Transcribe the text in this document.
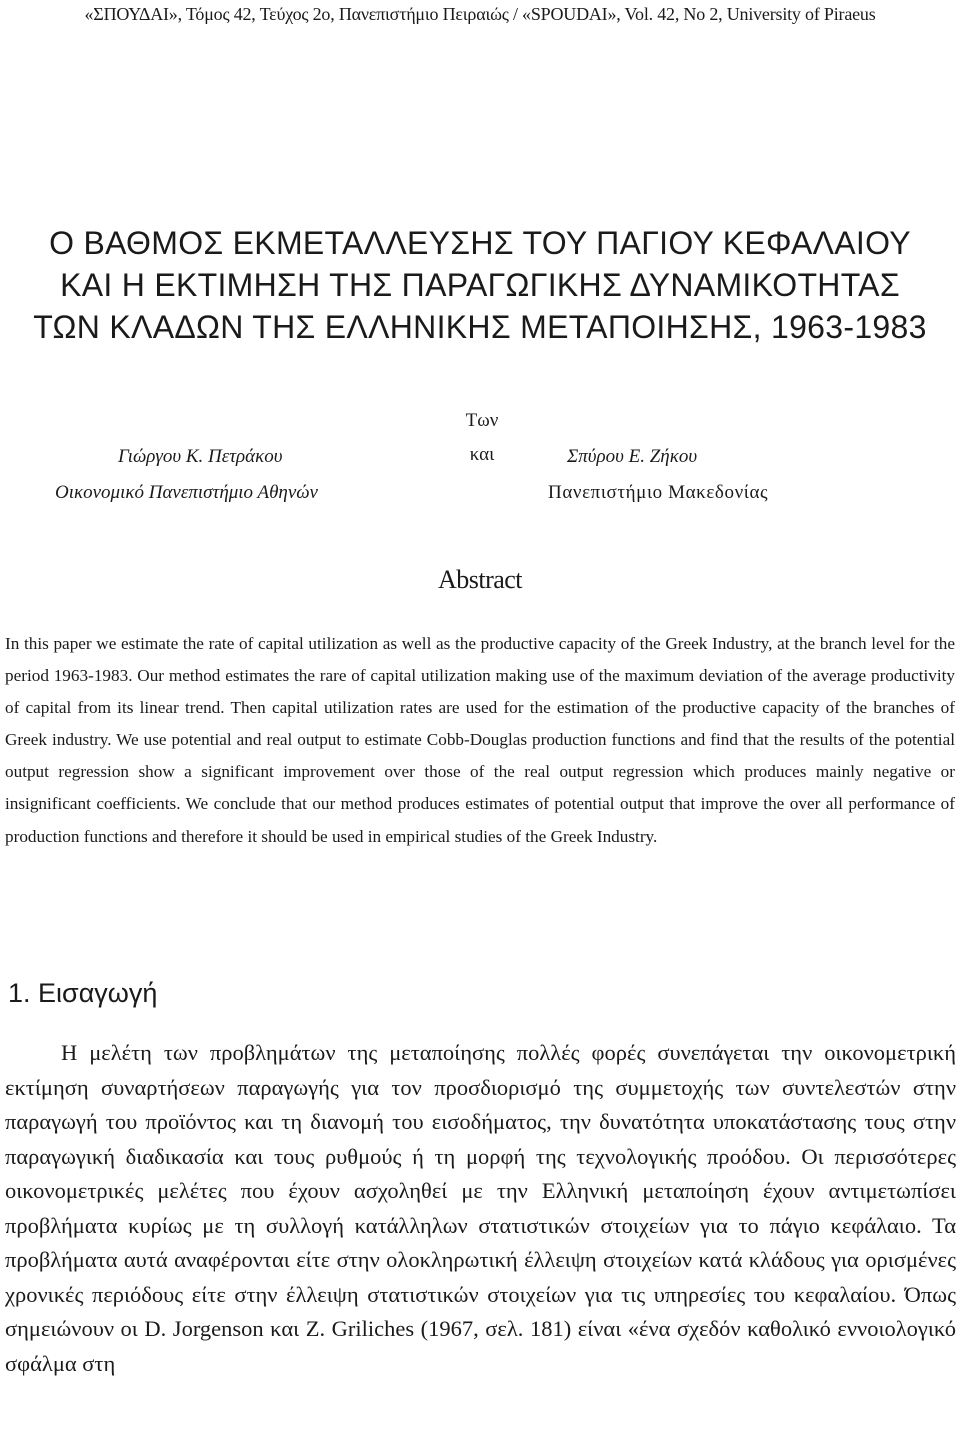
«ΣΠΟΥΔΑΙ», Τόμος 42, Τεύχος 2ο, Πανεπιστήμιο Πειραιώς / «SPOUDAI», Vol. 42, No 2, University of Piraeus
Ο ΒΑΘΜΟΣ ΕΚΜΕΤΑΛΛΕΥΣΗΣ ΤΟΥ ΠΑΓΙΟΥ ΚΕΦΑΛΑΙΟΥ
ΚΑΙ Η ΕΚΤΙΜΗΣΗ ΤΗΣ ΠΑΡΑΓΩΓΙΚΗΣ ΔΥΝΑΜΙΚΟΤΗΤΑΣ
ΤΩΝ ΚΛΑΔΩΝ ΤΗΣ ΕΛΛΗΝΙΚΗΣ ΜΕΤΑΠΟΙΗΣΗΣ, 1963-1983
Των
Γιώργου Κ. Πετράκου	και	Σπύρου Ε. Ζήκου
Οικονομικό Πανεπιστήμιο Αθηνών	Πανεπιστήμιο Μακεδονίας
Abstract
In this paper we estimate the rate of capital utilization as well as the productive capacity of the Greek Industry, at the branch level for the period 1963-1983. Our method estimates the rare of capital utilization making use of the maximum deviation of the average productivity of capital from its linear trend. Then capital utilization rates are used for the estimation of the productive capacity of the branches of Greek industry. We use potential and real output to estimate Cobb-Douglas production functions and find that the results of the potential output regression show a significant improvement over those of the real output regression which produces mainly negative or insignificant coefficients. We conclude that our method produces estimates of potential output that improve the over all performance of production functions and therefore it should be used in empirical studies of the Greek Industry.
1. Εισαγωγή
Η μελέτη των προβλημάτων της μεταποίησης πολλές φορές συνεπάγεται την οικονομετρική εκτίμηση συναρτήσεων παραγωγής για τον προσδιορισμό της συμμετοχής των συντελεστών στην παραγωγή του προϊόντος και τη διανομή του εισοδήματος, την δυνατότητα υποκατάστασης τους στην παραγωγική διαδικασία και τους ρυθμούς ή τη μορφή της τεχνολογικής προόδου. Οι περισσότερες οικονομετρικές μελέτες που έχουν ασχοληθεί με την Ελληνική μεταποίηση έχουν αντιμετωπίσει προβλήματα κυρίως με τη συλλογή κατάλληλων στατιστικών στοιχείων για το πάγιο κεφάλαιο. Τα προβλήματα αυτά αναφέρονται είτε στην ολοκληρωτική έλλειψη στοιχείων κατά κλάδους για ορισμένες χρονικές περιόδους είτε στην έλλειψη στατιστικών στοιχείων για τις υπηρεσίες του κεφαλαίου. Όπως σημειώνουν οι D. Jorgenson και Z. Griliches (1967, σελ. 181) είναι «ένα σχεδόν καθολικό εννοιολογικό σφάλμα στη
